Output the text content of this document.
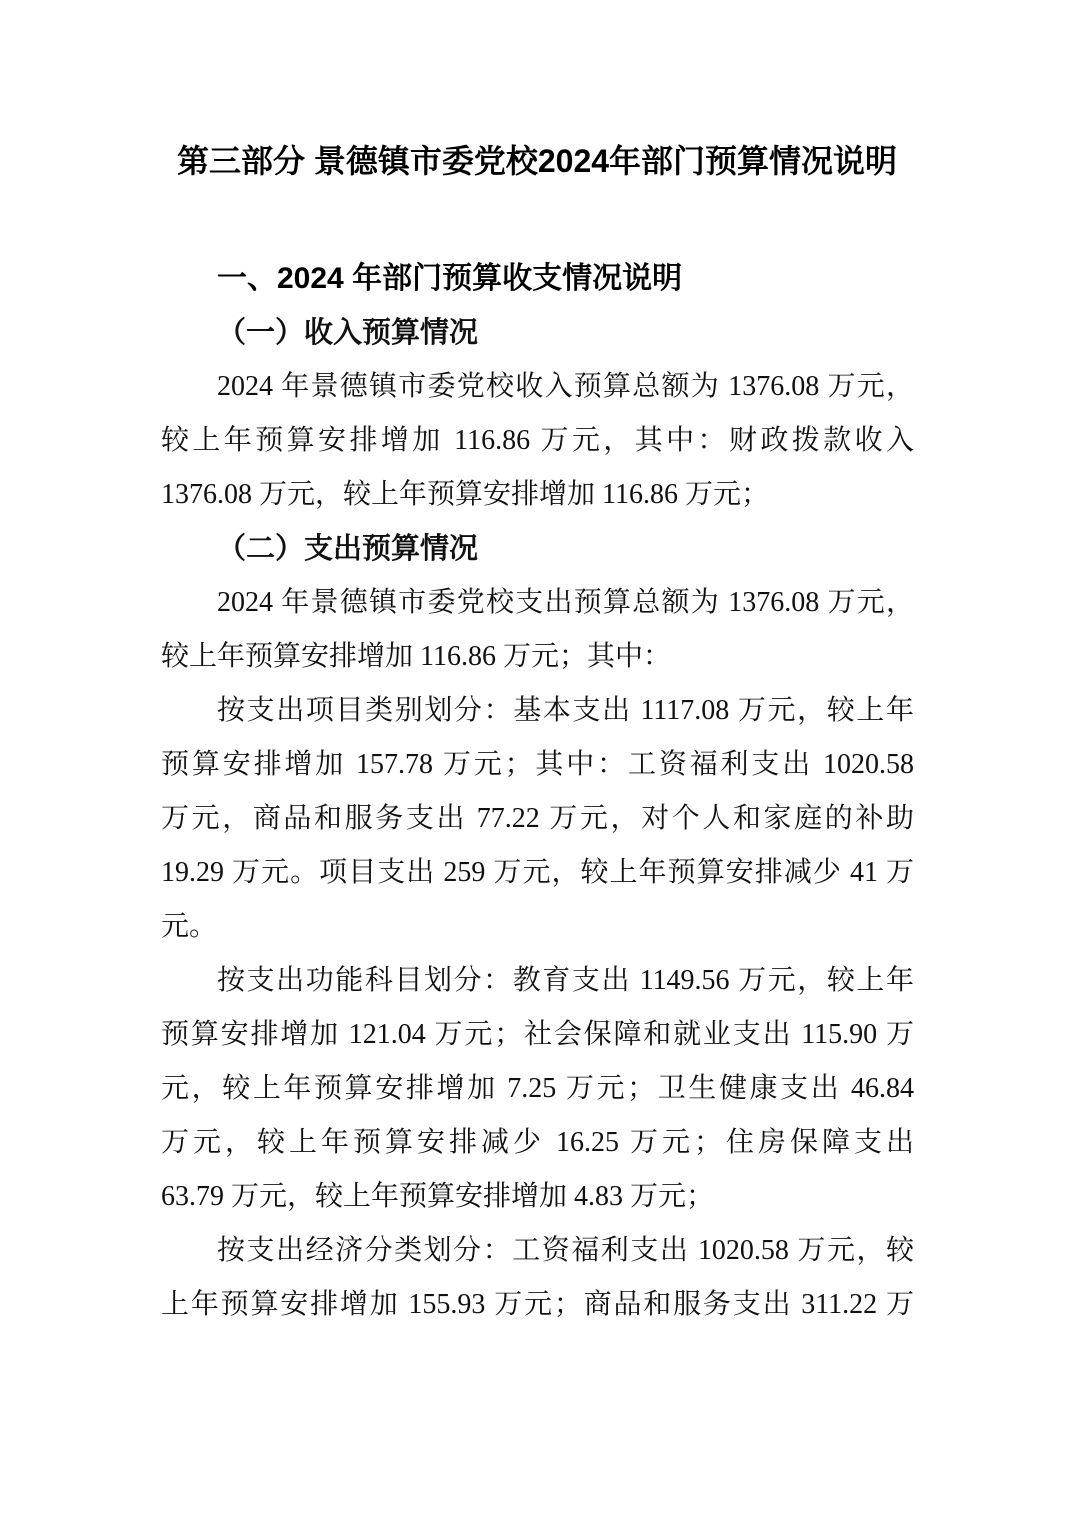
第三部分 景德镇市委党校2024年部门预算情况说明
一、2024 年部门预算收支情况说明
（一）收入预算情况
2024 年景德镇市委党校收入预算总额为 1376.08 万元，
较上年预算安排增加 116.86 万元，其中：财政拨款收入
1376.08 万元，较上年预算安排增加 116.86 万元；
（二）支出预算情况
2024 年景德镇市委党校支出预算总额为 1376.08 万元，
较上年预算安排增加 116.86 万元；其中：
按支出项目类别划分：基本支出 1117.08 万元，较上年
预算安排增加 157.78 万元；其中：工资福利支出 1020.58
万元，商品和服务支出 77.22 万元，对个人和家庭的补助
19.29 万元。项目支出 259 万元，较上年预算安排减少 41 万
元。
按支出功能科目划分：教育支出 1149.56 万元，较上年
预算安排增加 121.04 万元；社会保障和就业支出 115.90 万
元，较上年预算安排增加 7.25 万元；卫生健康支出 46.84
万元，较上年预算安排减少 16.25 万元；住房保障支出
63.79 万元，较上年预算安排增加 4.83 万元；
按支出经济分类划分：工资福利支出 1020.58 万元，较
上年预算安排增加 155.93 万元；商品和服务支出 311.22 万
